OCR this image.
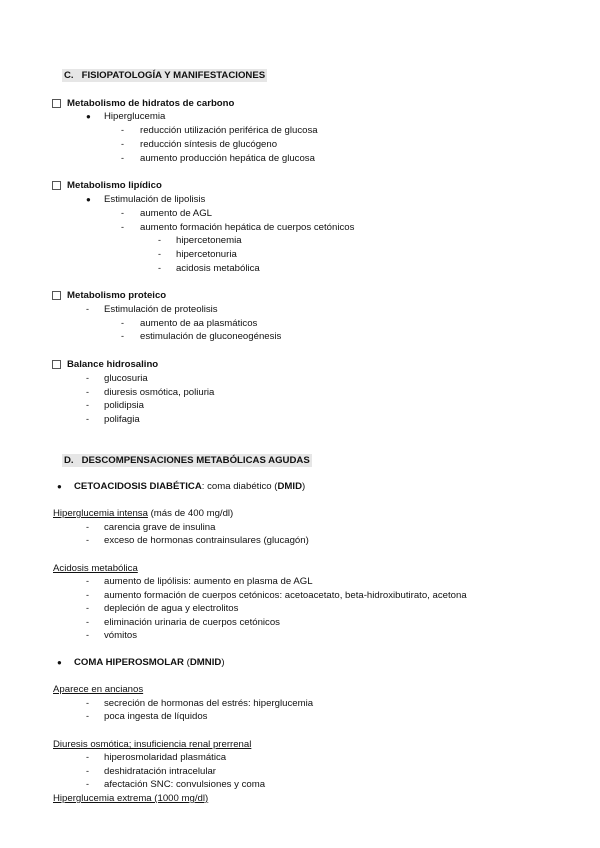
C. FISIOPATOLOGÍA Y MANIFESTACIONES
Metabolismo de hidratos de carbono
● Hiperglucemia
- reducción utilización periférica de glucosa
- reducción síntesis de glucógeno
- aumento producción hepática de glucosa
Metabolismo lipídico
● Estimulación de lipolisis
- aumento de AGL
- aumento formación hepática de cuerpos cetónicos
- hipercetonemia
- hipercetonuria
- acidosis metabólica
Metabolismo proteico
- Estimulación de proteolisis
- aumento de aa plasmáticos
- estimulación de gluconeogénesis
Balance hidrosalino
- glucosuria
- diuresis osmótica, poliuria
- polidipsia
- polifagia
D. DESCOMPENSACIONES METABÓLICAS AGUDAS
● CETOACIDOSIS DIABÉTICA: coma diabético (DMID)
Hiperglucemia intensa (más de 400 mg/dl)
- carencia grave de insulina
- exceso de hormonas contrainsulares (glucagón)
Acidosis metabólica
- aumento de lipólisis: aumento en plasma de AGL
- aumento formación de cuerpos cetónicos: acetoacetato, beta-hidroxibutirato, acetona
- depleción de agua y electrolitos
- eliminación urinaria de cuerpos cetónicos
- vómitos
● COMA HIPEROSMOLAR (DMNID)
Aparece en ancianos
- secreción de hormonas del estrés: hiperglucemia
- poca ingesta de líquidos
Diuresis osmótica; insuficiencia renal prerrenal
- hiperosmolaridad plasmática
- deshidratación intracelular
- afectación SNC: convulsiones y coma
Hiperglucemia extrema (1000 mg/dl)
